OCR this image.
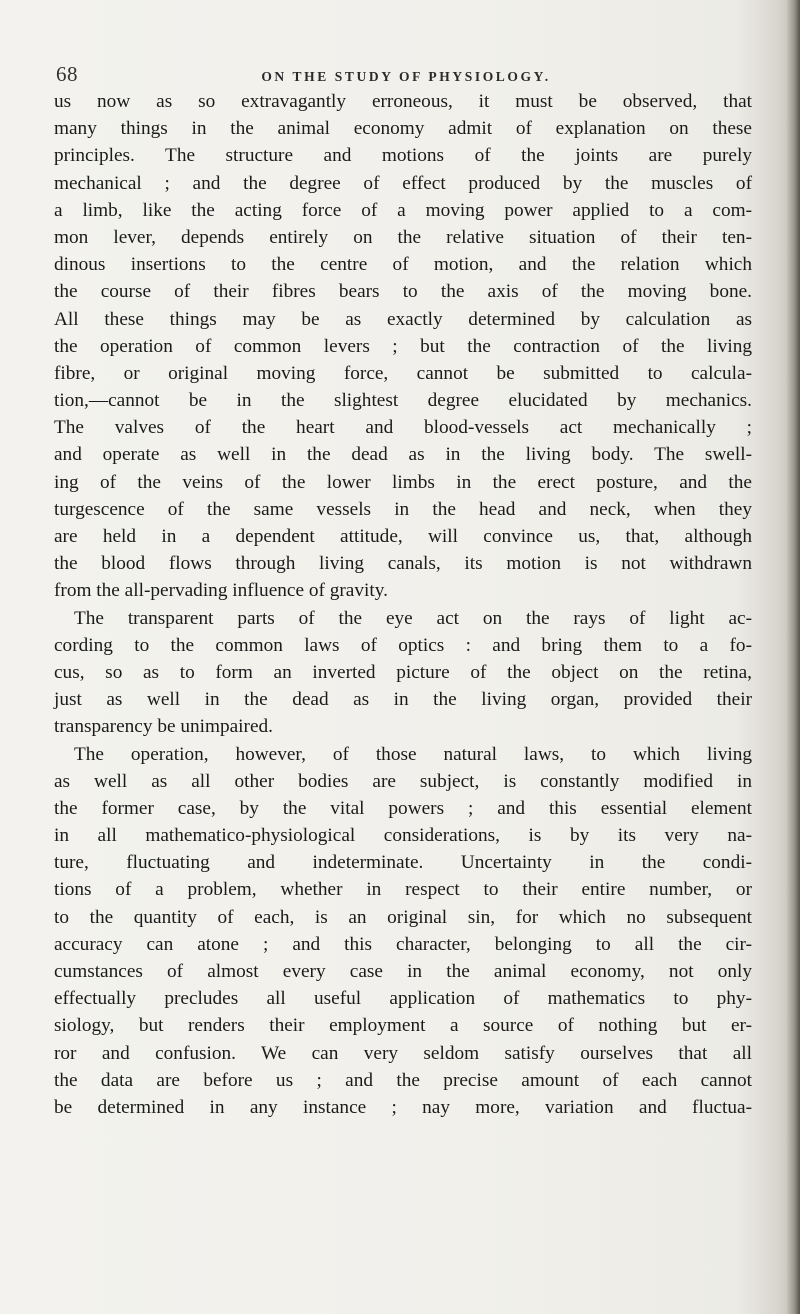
68	ON THE STUDY OF PHYSIOLOGY.
us now as so extravagantly erroneous, it must be observed, that
many things in the animal economy admit of explanation on these
principles. The structure and motions of the joints are purely
mechanical ; and the degree of effect produced by the muscles of
a limb, like the acting force of a moving power applied to a com-
mon lever, depends entirely on the relative situation of their ten-
dinous insertions to the centre of motion, and the relation which
the course of their fibres bears to the axis of the moving bone.
All these things may be as exactly determined by calculation as
the operation of common levers ; but the contraction of the living
fibre, or original moving force, cannot be submitted to calcula-
tion,—cannot be in the slightest degree elucidated by mechanics.
The valves of the heart and blood-vessels act mechanically ;
and operate as well in the dead as in the living body. The swell-
ing of the veins of the lower limbs in the erect posture, and the
turgescence of the same vessels in the head and neck, when they
are held in a dependent attitude, will convince us, that, although
the blood flows through living canals, its motion is not withdrawn
from the all-pervading influence of gravity.
The transparent parts of the eye act on the rays of light ac-
cording to the common laws of optics : and bring them to a fo-
cus, so as to form an inverted picture of the object on the retina,
just as well in the dead as in the living organ, provided their
transparency be unimpaired.
The operation, however, of those natural laws, to which living
as well as all other bodies are subject, is constantly modified in
the former case, by the vital powers ; and this essential element
in all mathematico-physiological considerations, is by its very na-
ture, fluctuating and indeterminate. Uncertainty in the condi-
tions of a problem, whether in respect to their entire number, or
to the quantity of each, is an original sin, for which no subsequent
accuracy can atone ; and this character, belonging to all the cir-
cumstances of almost every case in the animal economy, not only
effectually precludes all useful application of mathematics to phy-
siology, but renders their employment a source of nothing but er-
ror and confusion. We can very seldom satisfy ourselves that all
the data are before us ; and the precise amount of each cannot
be determined in any instance ; nay more, variation and fluctua-
